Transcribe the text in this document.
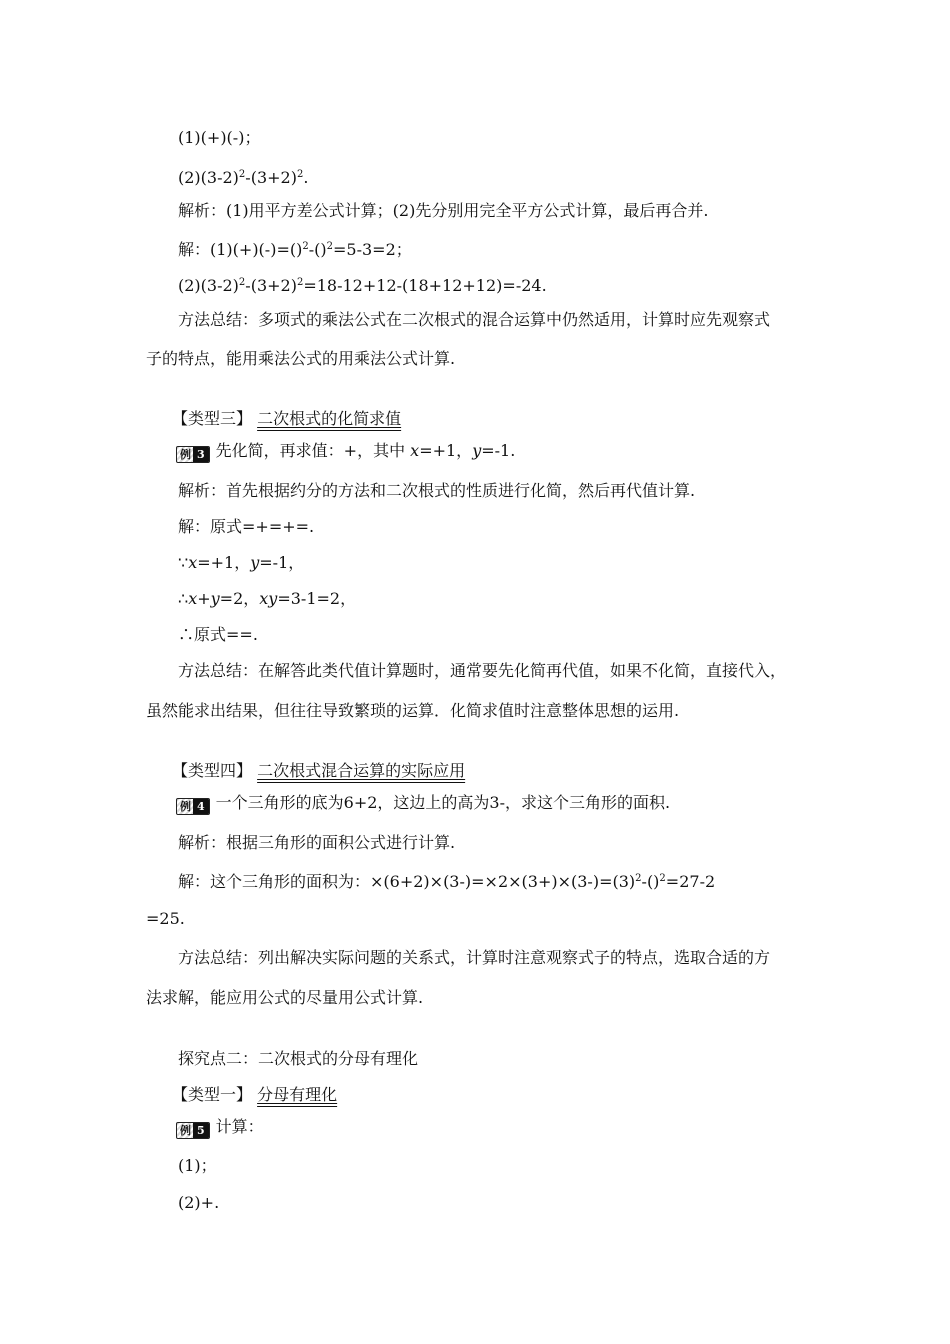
(1)(+)(-)；
$(2)(3-2)^2-(3+2)^2$.
解析：(1)用平方差公式计算；(2)先分别用完全平方公式计算，最后再合并.
解：(1)(+)(-)=()$^2$-()$^2$=5-3=2；
$(2)(3-2)^2-(3+2)^2=18-12+12-(18+12+12)=-24$.
方法总结：多项式的乘法公式在二次根式的混合运算中仍然适用，计算时应先观察式
子的特点，能用乘法公式的用乘法公式计算.
【类型三】 二次根式的化简求值
例 3 先化简，再求值：+，其中 x=+1，y=-1.
解析：首先根据约分的方法和二次根式的性质进行化简，然后再代值计算.
解：原式=+=+=.
∵x=+1，y=-1，
∴x+y=2，xy=3-1=2，
∴原式==.
方法总结：在解答此类代值计算题时，通常要先化简再代值，如果不化简，直接代入，
虽然能求出结果，但往往导致繁琐的运算．化简求值时注意整体思想的运用.
【类型四】 二次根式混合运算的实际应用
例 4 一个三角形的底为6+2，这边上的高为3-，求这个三角形的面积.
解析：根据三角形的面积公式进行计算.
解：这个三角形的面积为：$\times(6+2)\times(3-)=\times 2\times(3+)\times(3-)=(3)^2-()^2=27-2$
=25.
方法总结：列出解决实际问题的关系式，计算时注意观察式子的特点，选取合适的方
法求解，能应用公式的尽量用公式计算.
探究点二：二次根式的分母有理化
【类型一】 分母有理化
例 5 计算：
(1)；
(2)+.
